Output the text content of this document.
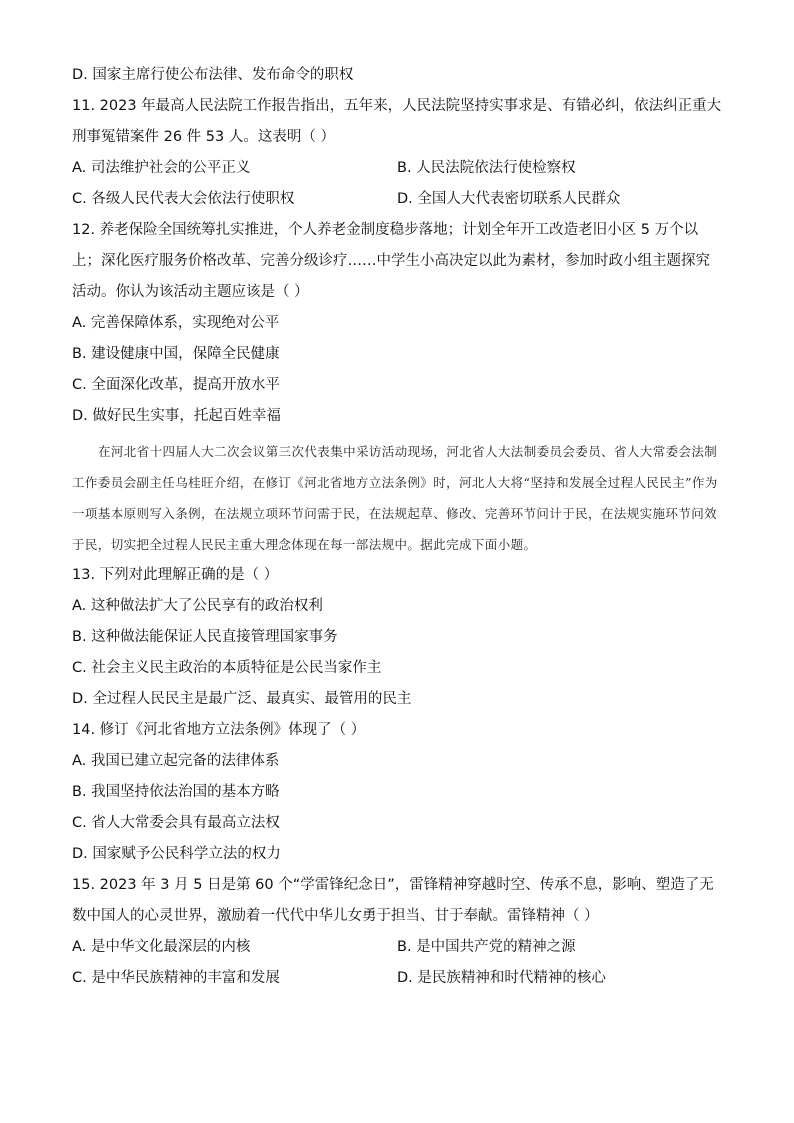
D. 国家主席行使公布法律、发布命令的职权
11. 2023 年最高人民法院工作报告指出，五年来，人民法院坚持实事求是、有错必纠，依法纠正重大刑事冤错案件 26 件 53 人。这表明（ ）
A. 司法维护社会的公平正义	B. 人民法院依法行使检察权
C. 各级人民代表大会依法行使职权	D. 全国人大代表密切联系人民群众
12. 养老保险全国统筹扎实推进，个人养老金制度稳步落地；计划全年开工改造老旧小区 5 万个以上；深化医疗服务价格改革、完善分级诊疗……中学生小高决定以此为素材，参加时政小组主题探究活动。你认为该活动主题应该是（ ）
A. 完善保障体系，实现绝对公平
B. 建设健康中国，保障全民健康
C. 全面深化改革，提高开放水平
D. 做好民生实事，托起百姓幸福

在河北省十四届人大二次会议第三次代表集中采访活动现场，河北省人大法制委员会委员、省人大常委会法制工作委员会副主任乌桂旺介绍，在修订《河北省地方立法条例》时，河北人大将“坚持和发展全过程人民民主”作为一项基本原则写入条例，在法规立项环节问需于民，在法规起草、修改、完善环节问计于民，在法规实施环节问效于民，切实把全过程人民民主重大理念体现在每一部法规中。据此完成下面小题。

13. 下列对此理解正确的是（ ）
A. 这种做法扩大了公民享有的政治权利
B. 这种做法能保证人民直接管理国家事务
C. 社会主义民主政治的本质特征是公民当家作主
D. 全过程人民民主是最广泛、最真实、最管用的民主
14. 修订《河北省地方立法条例》体现了（ ）
A. 我国已建立起完备的法律体系
B. 我国坚持依法治国的基本方略
C. 省人大常委会具有最高立法权
D. 国家赋予公民科学立法的权力
15. 2023 年 3 月 5 日是第 60 个“学雷锋纪念日”，雷锋精神穿越时空、传承不息，影响、塑造了无数中国人的心灵世界，激励着一代代中华儿女勇于担当、甘于奉献。雷锋精神（ ）
A. 是中华文化最深层的内核	B. 是中国共产党的精神之源
C. 是中华民族精神的丰富和发展	D. 是民族精神和时代精神的核心
